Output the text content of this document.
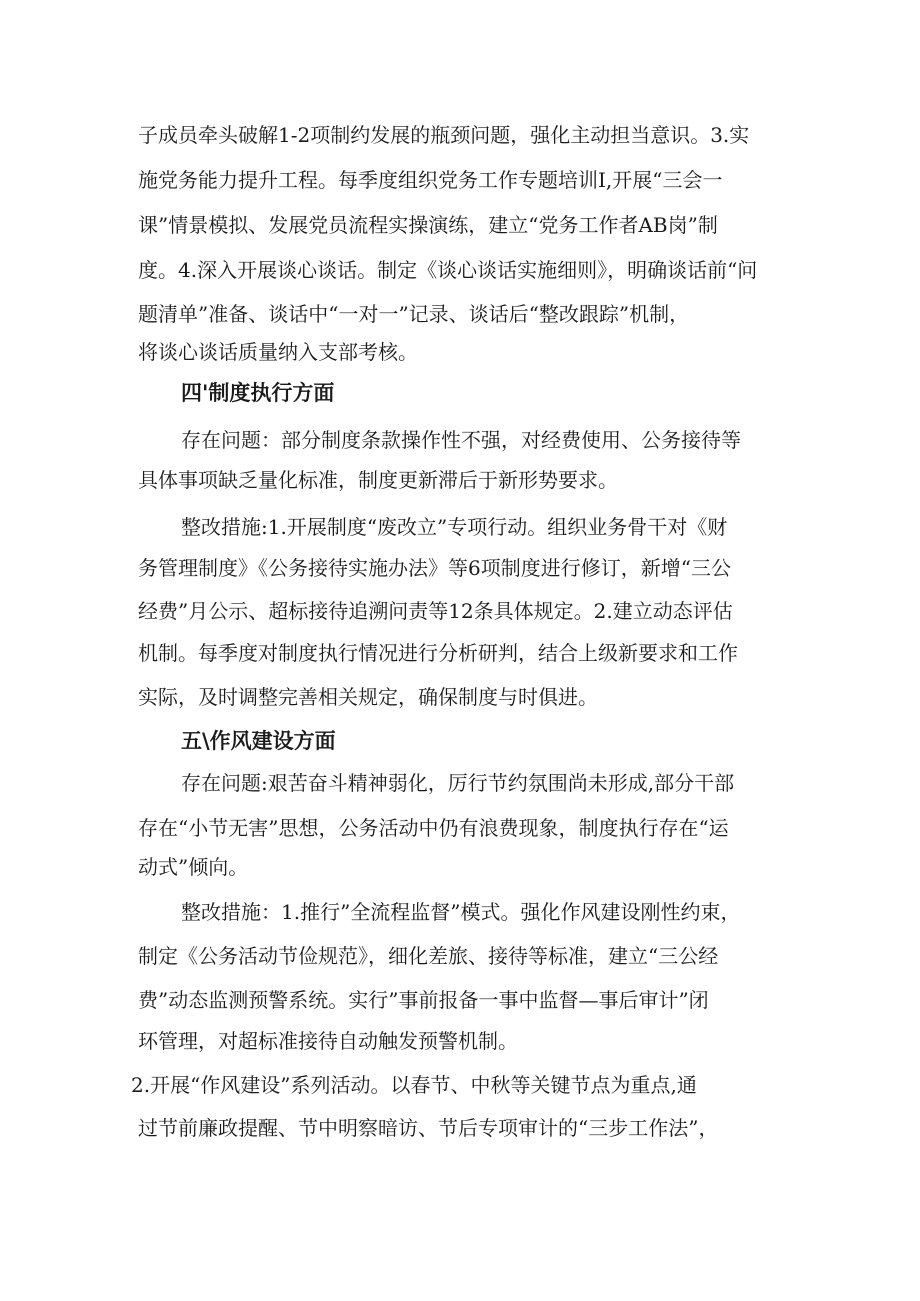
子成员牵头破解1-2项制约发展的瓶颈问题，强化主动担当意识。3.实

施党务能力提升工程。每季度组织党务工作专题培训I,开展“三会一

课”情景模拟、发展党员流程实操演练，建立“党务工作者AB岗”制

度。4.深入开展谈心谈话。制定《谈心谈话实施细则》，明确谈话前“问

题清单”准备、谈话中“一对一”记录、谈话后“整改跟踪”机制，

将谈心谈话质量纳入支部考核。

四'制度执行方面

存在问题：部分制度条款操作性不强，对经费使用、公务接待等

具体事项缺乏量化标准，制度更新滞后于新形势要求。

整改措施:1.开展制度“废改立”专项行动。组织业务骨干对《财

务管理制度》《公务接待实施办法》等6项制度进行修订，新增“三公

经费”月公示、超标接待追溯问责等12条具体规定。2.建立动态评估

机制。每季度对制度执行情况进行分析研判，结合上级新要求和工作

实际，及时调整完善相关规定，确保制度与时俱进。

五\作风建设方面

存在问题:艰苦奋斗精神弱化，厉行节约氛围尚未形成,部分干部

存在“小节无害”思想，公务活动中仍有浪费现象，制度执行存在“运

动式”倾向。

整改措施：1.推行”全流程监督”模式。强化作风建设刚性约束，

制定《公务活动节俭规范》，细化差旅、接待等标准，建立“三公经

费”动态监测预警系统。实行”事前报备一事中监督—事后审计”闭

环管理，对超标准接待自动触发预警机制。

2.开展“作风建设”系列活动。以春节、中秋等关键节点为重点,通

过节前廉政提醒、节中明察暗访、节后专项审计的“三步工作法”，
